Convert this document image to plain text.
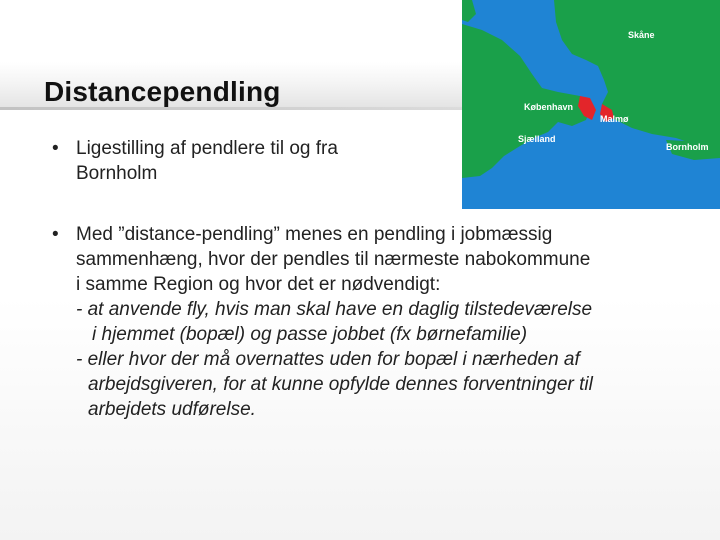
Distancependling
Skåne
København
Malmø
Sjælland
Bornholm
• Ligestilling af pendlere til og fra
Bornholm
• Med ”distance-pendling” menes en pendling i jobmæssig
sammenhæng, hvor der pendles til nærmeste nabokommune
i samme Region og hvor det er nødvendigt:
- at anvende fly, hvis man skal have en daglig tilstedeværelse
i hjemmet (bopæl) og passe jobbet (fx børnefamilie)
- eller hvor der må overnattes uden for bopæl i nærheden af
arbejdsgiveren, for at kunne opfylde dennes forventninger til
arbejdets udførelse.
